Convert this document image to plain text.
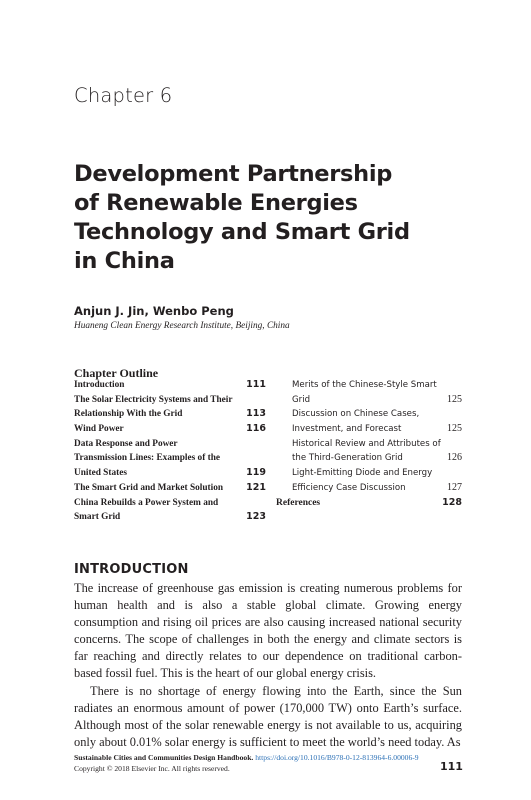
Chapter 6
Development Partnership
of Renewable Energies
Technology and Smart Grid
in China
Anjun J. Jin, Wenbo Peng
Huaneng Clean Energy Research Institute, Beijing, China
Chapter Outline
Introduction	111
The Solar Electricity Systems and Their
Relationship With the Grid	113
Wind Power	116
Data Response and Power
Transmission Lines: Examples of the
United States	119
The Smart Grid and Market Solution 121
China Rebuilds a Power System and
Smart Grid	123
Merits of the Chinese-Style Smart
Grid	125
Discussion on Chinese Cases,
Investment, and Forecast	125
Historical Review and Attributes of
the Third-Generation Grid	126
Light-Emitting Diode and Energy
Efficiency Case Discussion	127
References	128
INTRODUCTION

The increase of greenhouse gas emission is creating numerous problems for human health and is also a stable global climate. Growing energy consumption and rising oil prices are also causing increased national security concerns. The scope of challenges in both the energy and climate sectors is far reaching and directly relates to our dependence on traditional carbon-based fossil fuel. This is the heart of our global energy crisis.

There is no shortage of energy flowing into the Earth, since the Sun radiates an enormous amount of power (170,000 TW) onto Earth’s surface. Although most of the solar renewable energy is not available to us, acquiring only about 0.01% solar energy is sufficient to meet the world’s need today. As

Sustainable Cities and Communities Design Handbook. https://doi.org/10.1016/B978-0-12-813964-6.00006-9
Copyright © 2018 Elsevier Inc. All rights reserved.	111
